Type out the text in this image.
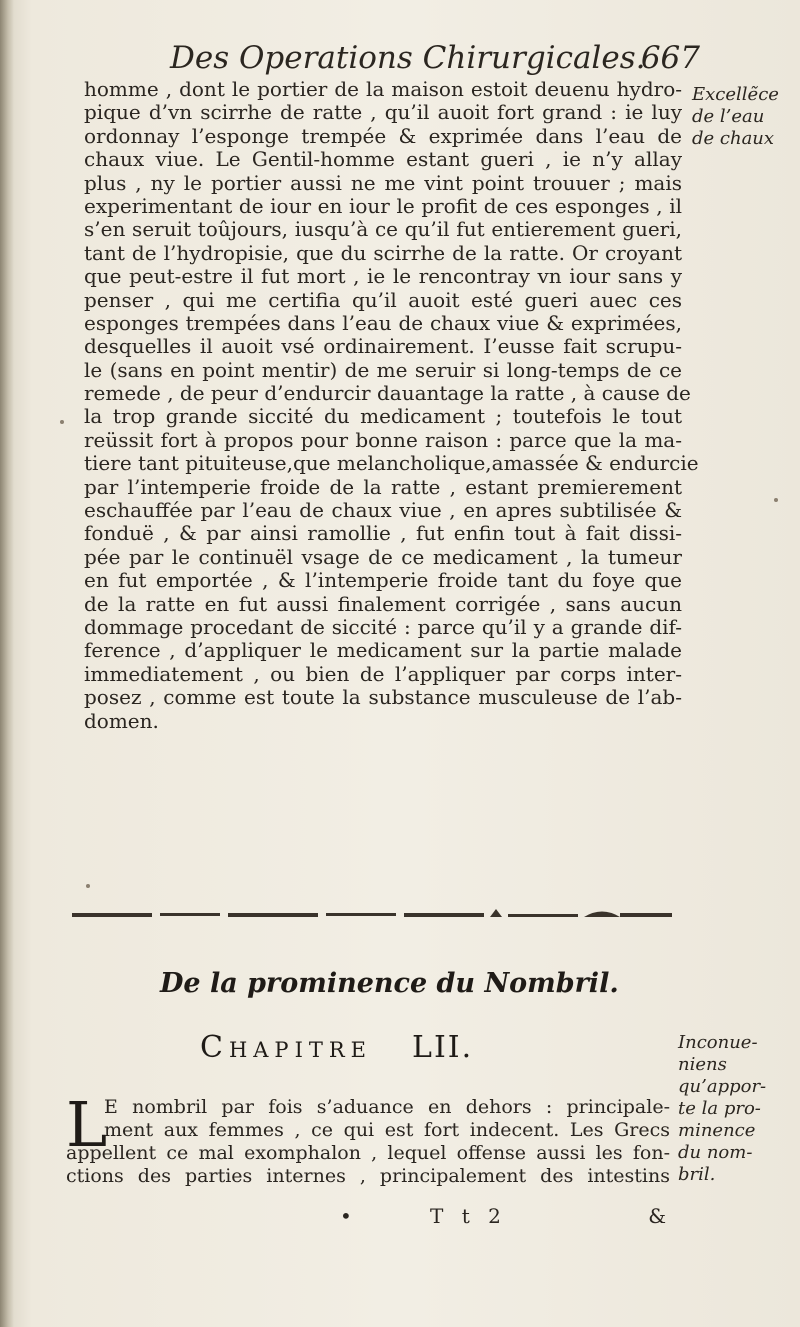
Des Operations Chirurgicales.
667
homme , dont le portier de la maison estoit deuenu hydro-
pique d’vn scirrhe de ratte , qu’il auoit fort grand : ie luy
ordonnay l’esponge trempée & exprimée dans l’eau de
chaux viue. Le Gentil-homme estant gueri , ie n’y allay
plus , ny le portier aussi ne me vint point trouuer ; mais
experimentant de iour en iour le profit de ces esponges , il
s’en seruit toûjours, iusqu’à ce qu’il fut entierement gueri,
tant de l’hydropisie, que du scirrhe de la ratte. Or croyant
que peut-estre il fut mort , ie le rencontray vn iour sans y
penser , qui me certifia qu’il auoit esté gueri auec ces
esponges trempées dans l’eau de chaux viue & exprimées,
desquelles il auoit vsé ordinairement. I’eusse fait scrupu-
le (sans en point mentir) de me seruir si long-temps de ce
remede , de peur d’endurcir dauantage la ratte , à cause de
la trop grande siccité du medicament ; toutefois le tout
reüssit fort à propos pour bonne raison : parce que la ma-
tiere tant pituiteuse,que melancholique,amassée & endurcie
par l’intemperie froide de la ratte , estant premierement
eschauffée par l’eau de chaux viue , en apres subtilisée &
fonduë , & par ainsi ramollie , fut enfin tout à fait dissi-
pée par le continuël vsage de ce medicament , la tumeur
en fut emportée , & l’intemperie froide tant du foye que
de la ratte en fut aussi finalement corrigée , sans aucun
dommage procedant de siccité : parce qu’il y a grande dif-
ference , d’appliquer le medicament sur la partie malade
immediatement , ou bien de l’appliquer par corps inter-
posez , comme est toute la substance musculeuse de l’ab-
domen.
Excellẽce
de l’eau
de chaux
De la prominence du Nombril.
Chapitre LII.	Inconue-
niens
qu’appor-
te la pro-
minence
du nom-
bril.
L
E nombril par fois s’aduance en dehors : principale-
ment aux femmes , ce qui est fort indecent. Les Grecs
appellent ce mal exomphalon , lequel offense aussi les fon-
ctions des parties internes , principalement des intestins
•	T t 2	&
